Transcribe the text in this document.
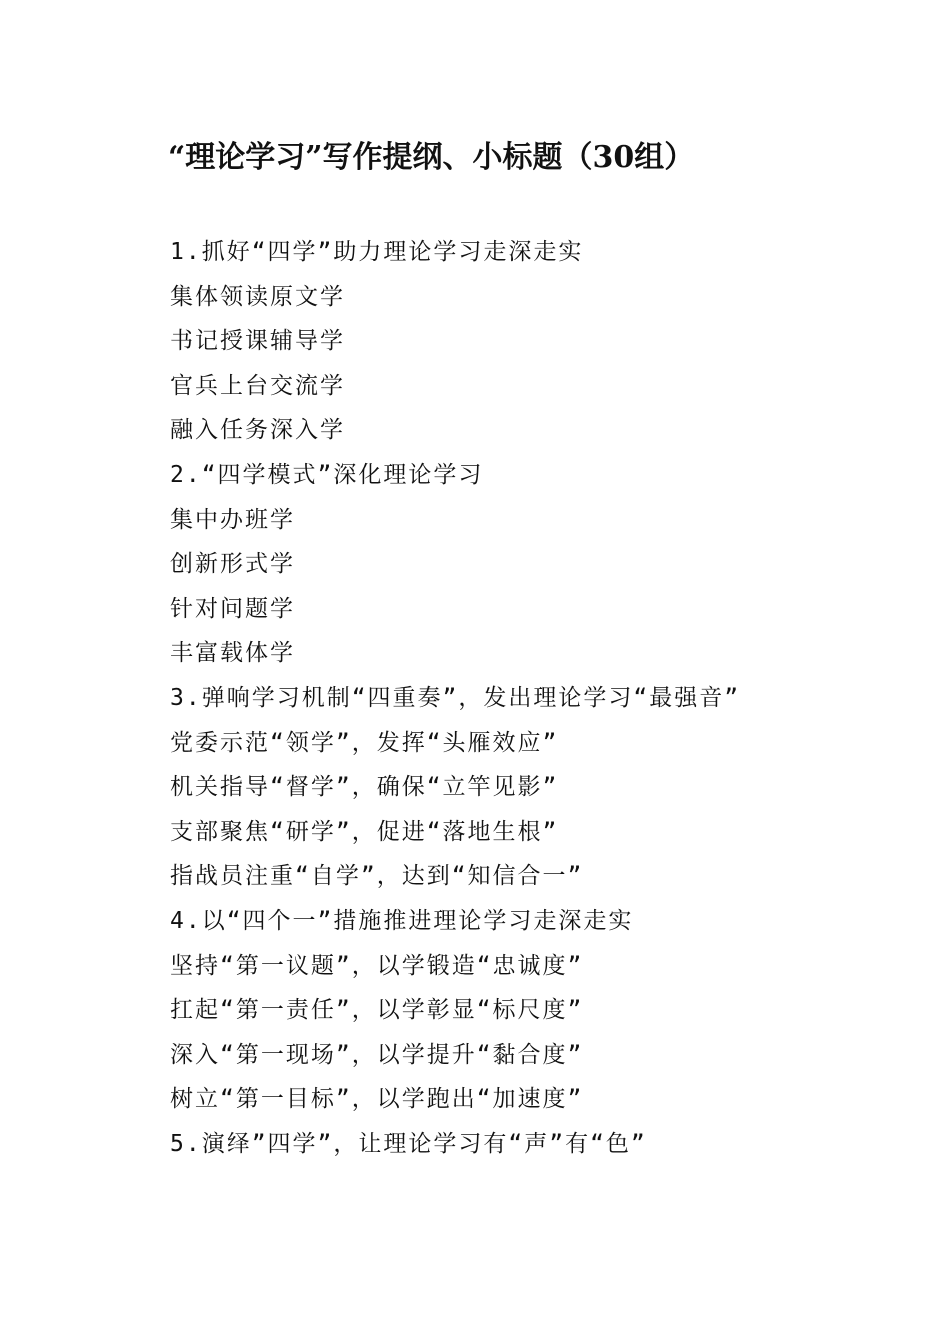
“理论学习”写作提纲、小标题（30组）
1.抓好“四学”助力理论学习走深走实
集体领读原文学
书记授课辅导学
官兵上台交流学
融入任务深入学
2.“四学模式”深化理论学习
集中办班学
创新形式学
针对问题学
丰富载体学
3.弹响学习机制“四重奏”，发出理论学习“最强音”
党委示范“领学”，发挥“头雁效应”
机关指导“督学”，确保“立竿见影”
支部聚焦“研学”，促进“落地生根”
指战员注重“自学”，达到“知信合一”
4.以“四个一”措施推进理论学习走深走实
坚持“第一议题”，以学锻造“忠诚度”
扛起“第一责任”，以学彰显“标尺度”
深入“第一现场”，以学提升“黏合度”
树立“第一目标”，以学跑出“加速度”
5.演绎”四学”，让理论学习有“声”有“色”
